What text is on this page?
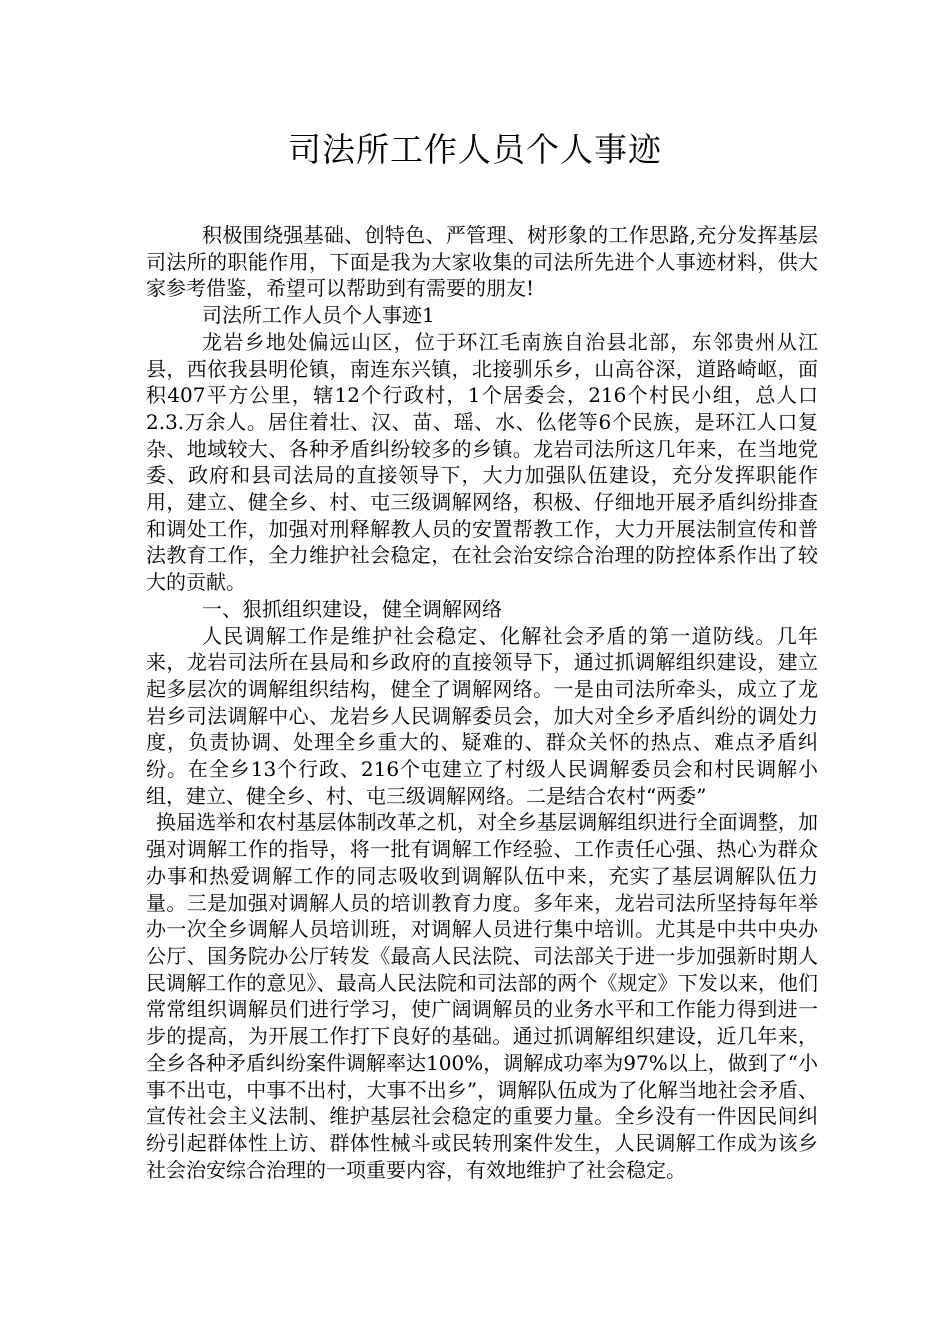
司法所工作人员个人事迹

积极围绕强基础、创特色、严管理、树形象的工作思路,充分发挥基层司法所的职能作用，下面是我为大家收集的司法所先进个人事迹材料，供大家参考借鉴，希望可以帮助到有需要的朋友!

司法所工作人员个人事迹1

龙岩乡地处偏远山区，位于环江毛南族自治县北部，东邻贵州从江县，西依我县明伦镇，南连东兴镇，北接驯乐乡，山高谷深，道路崎岖，面积407平方公里，辖12个行政村，1个居委会，216个村民小组，总人口2.3.万余人。居住着壮、汉、苗、瑶、水、仫佬等6个民族，是环江人口复杂、地域较大、各种矛盾纠纷较多的乡镇。龙岩司法所这几年来，在当地党委、政府和县司法局的直接领导下，大力加强队伍建设，充分发挥职能作用，建立、健全乡、村、屯三级调解网络，积极、仔细地开展矛盾纠纷排查和调处工作，加强对刑释解教人员的安置帮教工作，大力开展法制宣传和普法教育工作，全力维护社会稳定，在社会治安综合治理的防控体系作出了较大的贡献。

一、狠抓组织建设，健全调解网络

人民调解工作是维护社会稳定、化解社会矛盾的第一道防线。几年来，龙岩司法所在县局和乡政府的直接领导下，通过抓调解组织建设，建立起多层次的调解组织结构，健全了调解网络。一是由司法所牵头，成立了龙岩乡司法调解中心、龙岩乡人民调解委员会，加大对全乡矛盾纠纷的调处力度，负责协调、处理全乡重大的、疑难的、群众关怀的热点、难点矛盾纠纷。在全乡13个行政、216个屯建立了村级人民调解委员会和村民调解小组，建立、健全乡、村、屯三级调解网络。二是结合农村“两委”

换届选举和农村基层体制改革之机，对全乡基层调解组织进行全面调整，加强对调解工作的指导，将一批有调解工作经验、工作责任心强、热心为群众办事和热爱调解工作的同志吸收到调解队伍中来，充实了基层调解队伍力量。三是加强对调解人员的培训教育力度。多年来，龙岩司法所坚持每年举办一次全乡调解人员培训班，对调解人员进行集中培训。尤其是中共中央办公厅、国务院办公厅转发《最高人民法院、司法部关于进一步加强新时期人民调解工作的意见》、最高人民法院和司法部的两个《规定》下发以来，他们常常组织调解员们进行学习，使广阔调解员的业务水平和工作能力得到进一步的提高，为开展工作打下良好的基础。通过抓调解组织建设，近几年来，全乡各种矛盾纠纷案件调解率达100%，调解成功率为97%以上，做到了“小事不出屯，中事不出村，大事不出乡”，调解队伍成为了化解当地社会矛盾、宣传社会主义法制、维护基层社会稳定的重要力量。全乡没有一件因民间纠纷引起群体性上访、群体性械斗或民转刑案件发生，人民调解工作成为该乡社会治安综合治理的一项重要内容，有效地维护了社会稳定。
